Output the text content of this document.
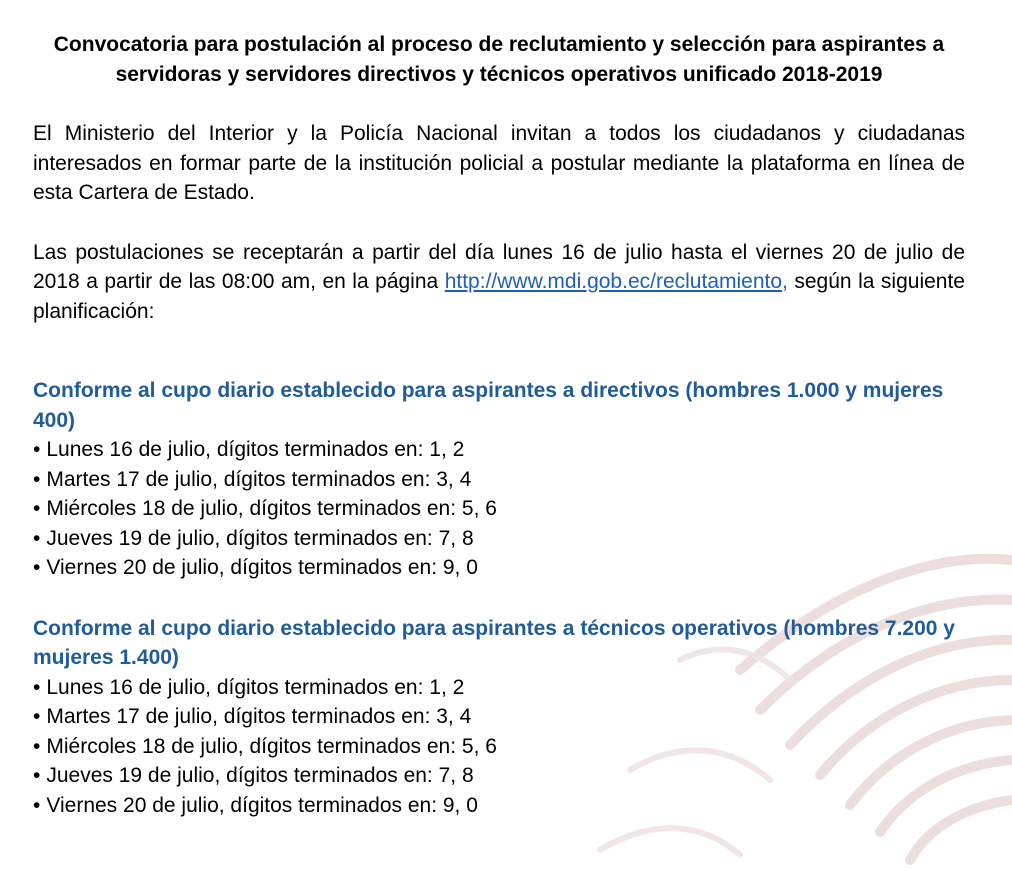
Convocatoria para postulación al proceso de reclutamiento y selección para aspirantes a servidoras y servidores directivos y técnicos operativos unificado 2018-2019

El Ministerio del Interior y la Policía Nacional invitan a todos los ciudadanos y ciudadanas interesados en formar parte de la institución policial a postular mediante la plataforma en línea de esta Cartera de Estado.

Las postulaciones se receptarán a partir del día lunes 16 de julio hasta el viernes 20 de julio de 2018 a partir de las 08:00 am, en la página http://www.mdi.gob.ec/reclutamiento, según la siguiente planificación:

Conforme al cupo diario establecido para aspirantes a directivos (hombres 1.000 y mujeres 400)
• Lunes 16 de julio, dígitos terminados en: 1, 2
• Martes 17 de julio, dígitos terminados en: 3, 4
• Miércoles 18 de julio, dígitos terminados en: 5, 6
• Jueves 19 de julio, dígitos terminados en: 7, 8
• Viernes 20 de julio, dígitos terminados en: 9, 0
Conforme al cupo diario establecido para aspirantes a técnicos operativos (hombres 7.200 y mujeres 1.400)
• Lunes 16 de julio, dígitos terminados en: 1, 2
• Martes 17 de julio, dígitos terminados en: 3, 4
• Miércoles 18 de julio, dígitos terminados en: 5, 6
• Jueves 19 de julio, dígitos terminados en: 7, 8
• Viernes 20 de julio, dígitos terminados en: 9, 0
